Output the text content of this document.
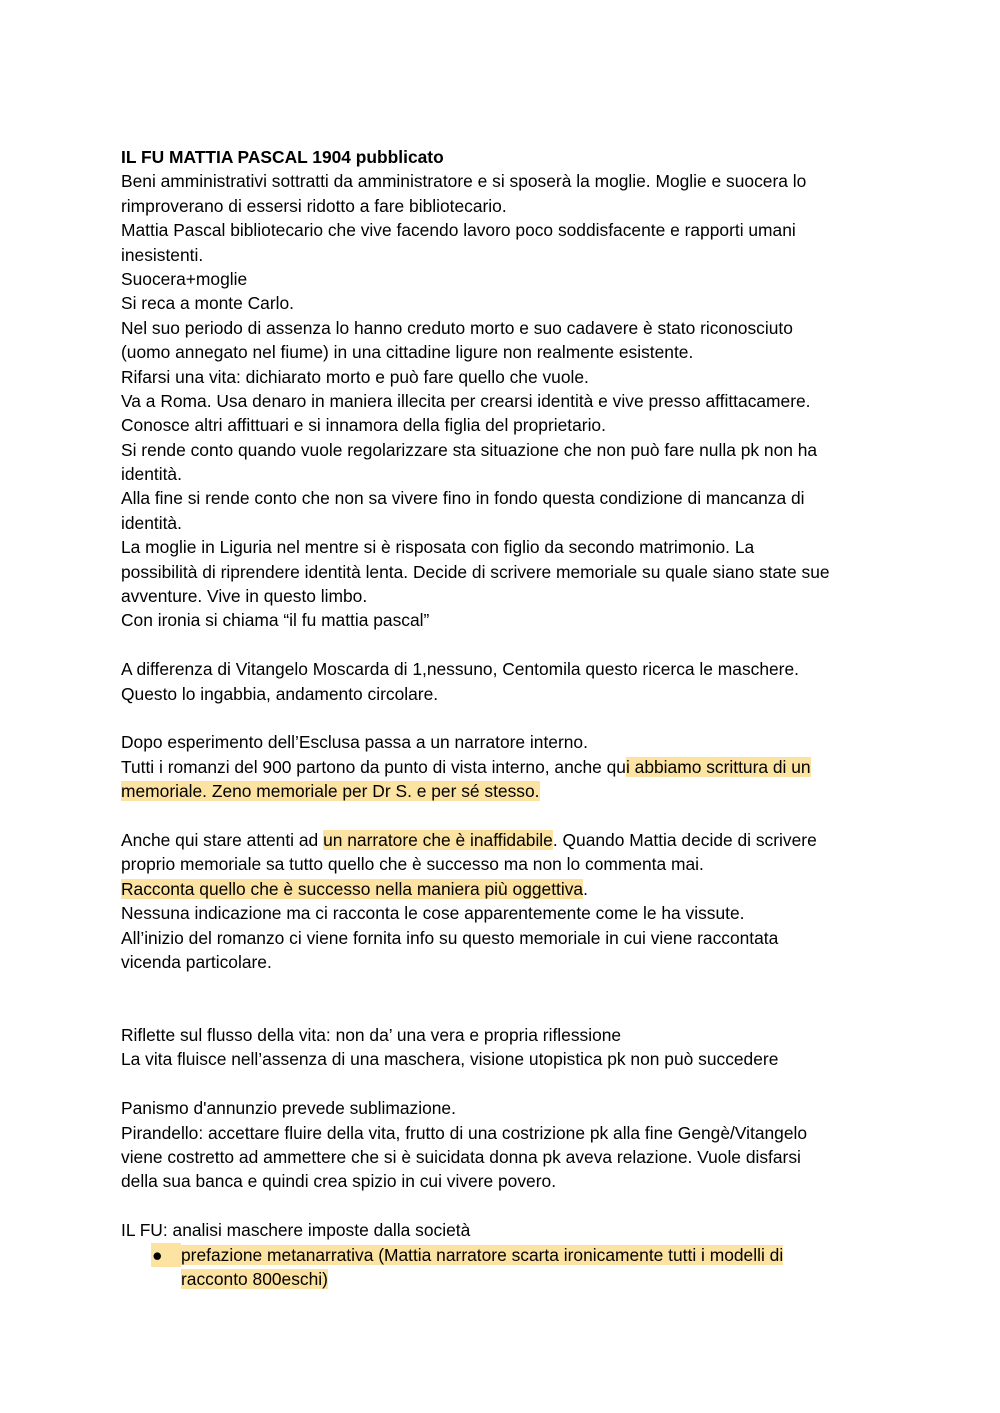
IL FU MATTIA PASCAL 1904 pubblicato
Beni amministrativi sottratti da amministratore e si sposerà la moglie. Moglie e suocera lo
rimproverano di essersi ridotto a fare bibliotecario.
Mattia Pascal bibliotecario che vive facendo lavoro poco soddisfacente e rapporti umani
inesistenti.
Suocera+moglie
Si reca a monte Carlo.
Nel suo periodo di assenza lo hanno creduto morto e suo cadavere è stato riconosciuto
(uomo annegato nel fiume) in una cittadine ligure non realmente esistente.
Rifarsi una vita: dichiarato morto e può fare quello che vuole.
Va a Roma. Usa denaro in maniera illecita per crearsi identità e vive presso affittacamere.
Conosce altri affittuari e si innamora della figlia del proprietario.
Si rende conto quando vuole regolarizzare sta situazione che non può fare nulla pk non ha
identità.
Alla fine si rende conto che non sa vivere fino in fondo questa condizione di mancanza di
identità.
La moglie in Liguria nel mentre si è risposata con figlio da secondo matrimonio. La
possibilità di riprendere identità lenta. Decide di scrivere memoriale su quale siano state sue
avventure. Vive in questo limbo.
Con ironia si chiama “il fu mattia pascal”
A differenza di Vitangelo Moscarda di 1,nessuno, Centomila questo ricerca le maschere.
Questo lo ingabbia, andamento circolare.
Dopo esperimento dell’Esclusa passa a un narratore interno.
Tutti i romanzi del 900 partono da punto di vista interno, anche qui abbiamo scrittura di un
memoriale. Zeno memoriale per Dr S. e per sé stesso.
Anche qui stare attenti ad un narratore che è inaffidabile. Quando Mattia decide di scrivere
proprio memoriale sa tutto quello che è successo ma non lo commenta mai.
Racconta quello che è successo nella maniera più oggettiva.
Nessuna indicazione ma ci racconta le cose apparentemente come le ha vissute.
All’inizio del romanzo ci viene fornita info su questo memoriale in cui viene raccontata
vicenda particolare.
Riflette sul flusso della vita: non da’ una vera e propria riflessione
La vita fluisce nell’assenza di una maschera, visione utopistica pk non può succedere
Panismo d'annunzio prevede sublimazione.
Pirandello: accettare fluire della vita, frutto di una costrizione pk alla fine Gengè/Vitangelo
viene costretto ad ammettere che si è suicidata donna pk aveva relazione. Vuole disfarsi
della sua banca e quindi crea spizio in cui vivere povero.
IL FU: analisi maschere imposte dalla società
● prefazione metanarrativa (Mattia narratore scarta ironicamente tutti i modelli di
racconto 800eschi)
